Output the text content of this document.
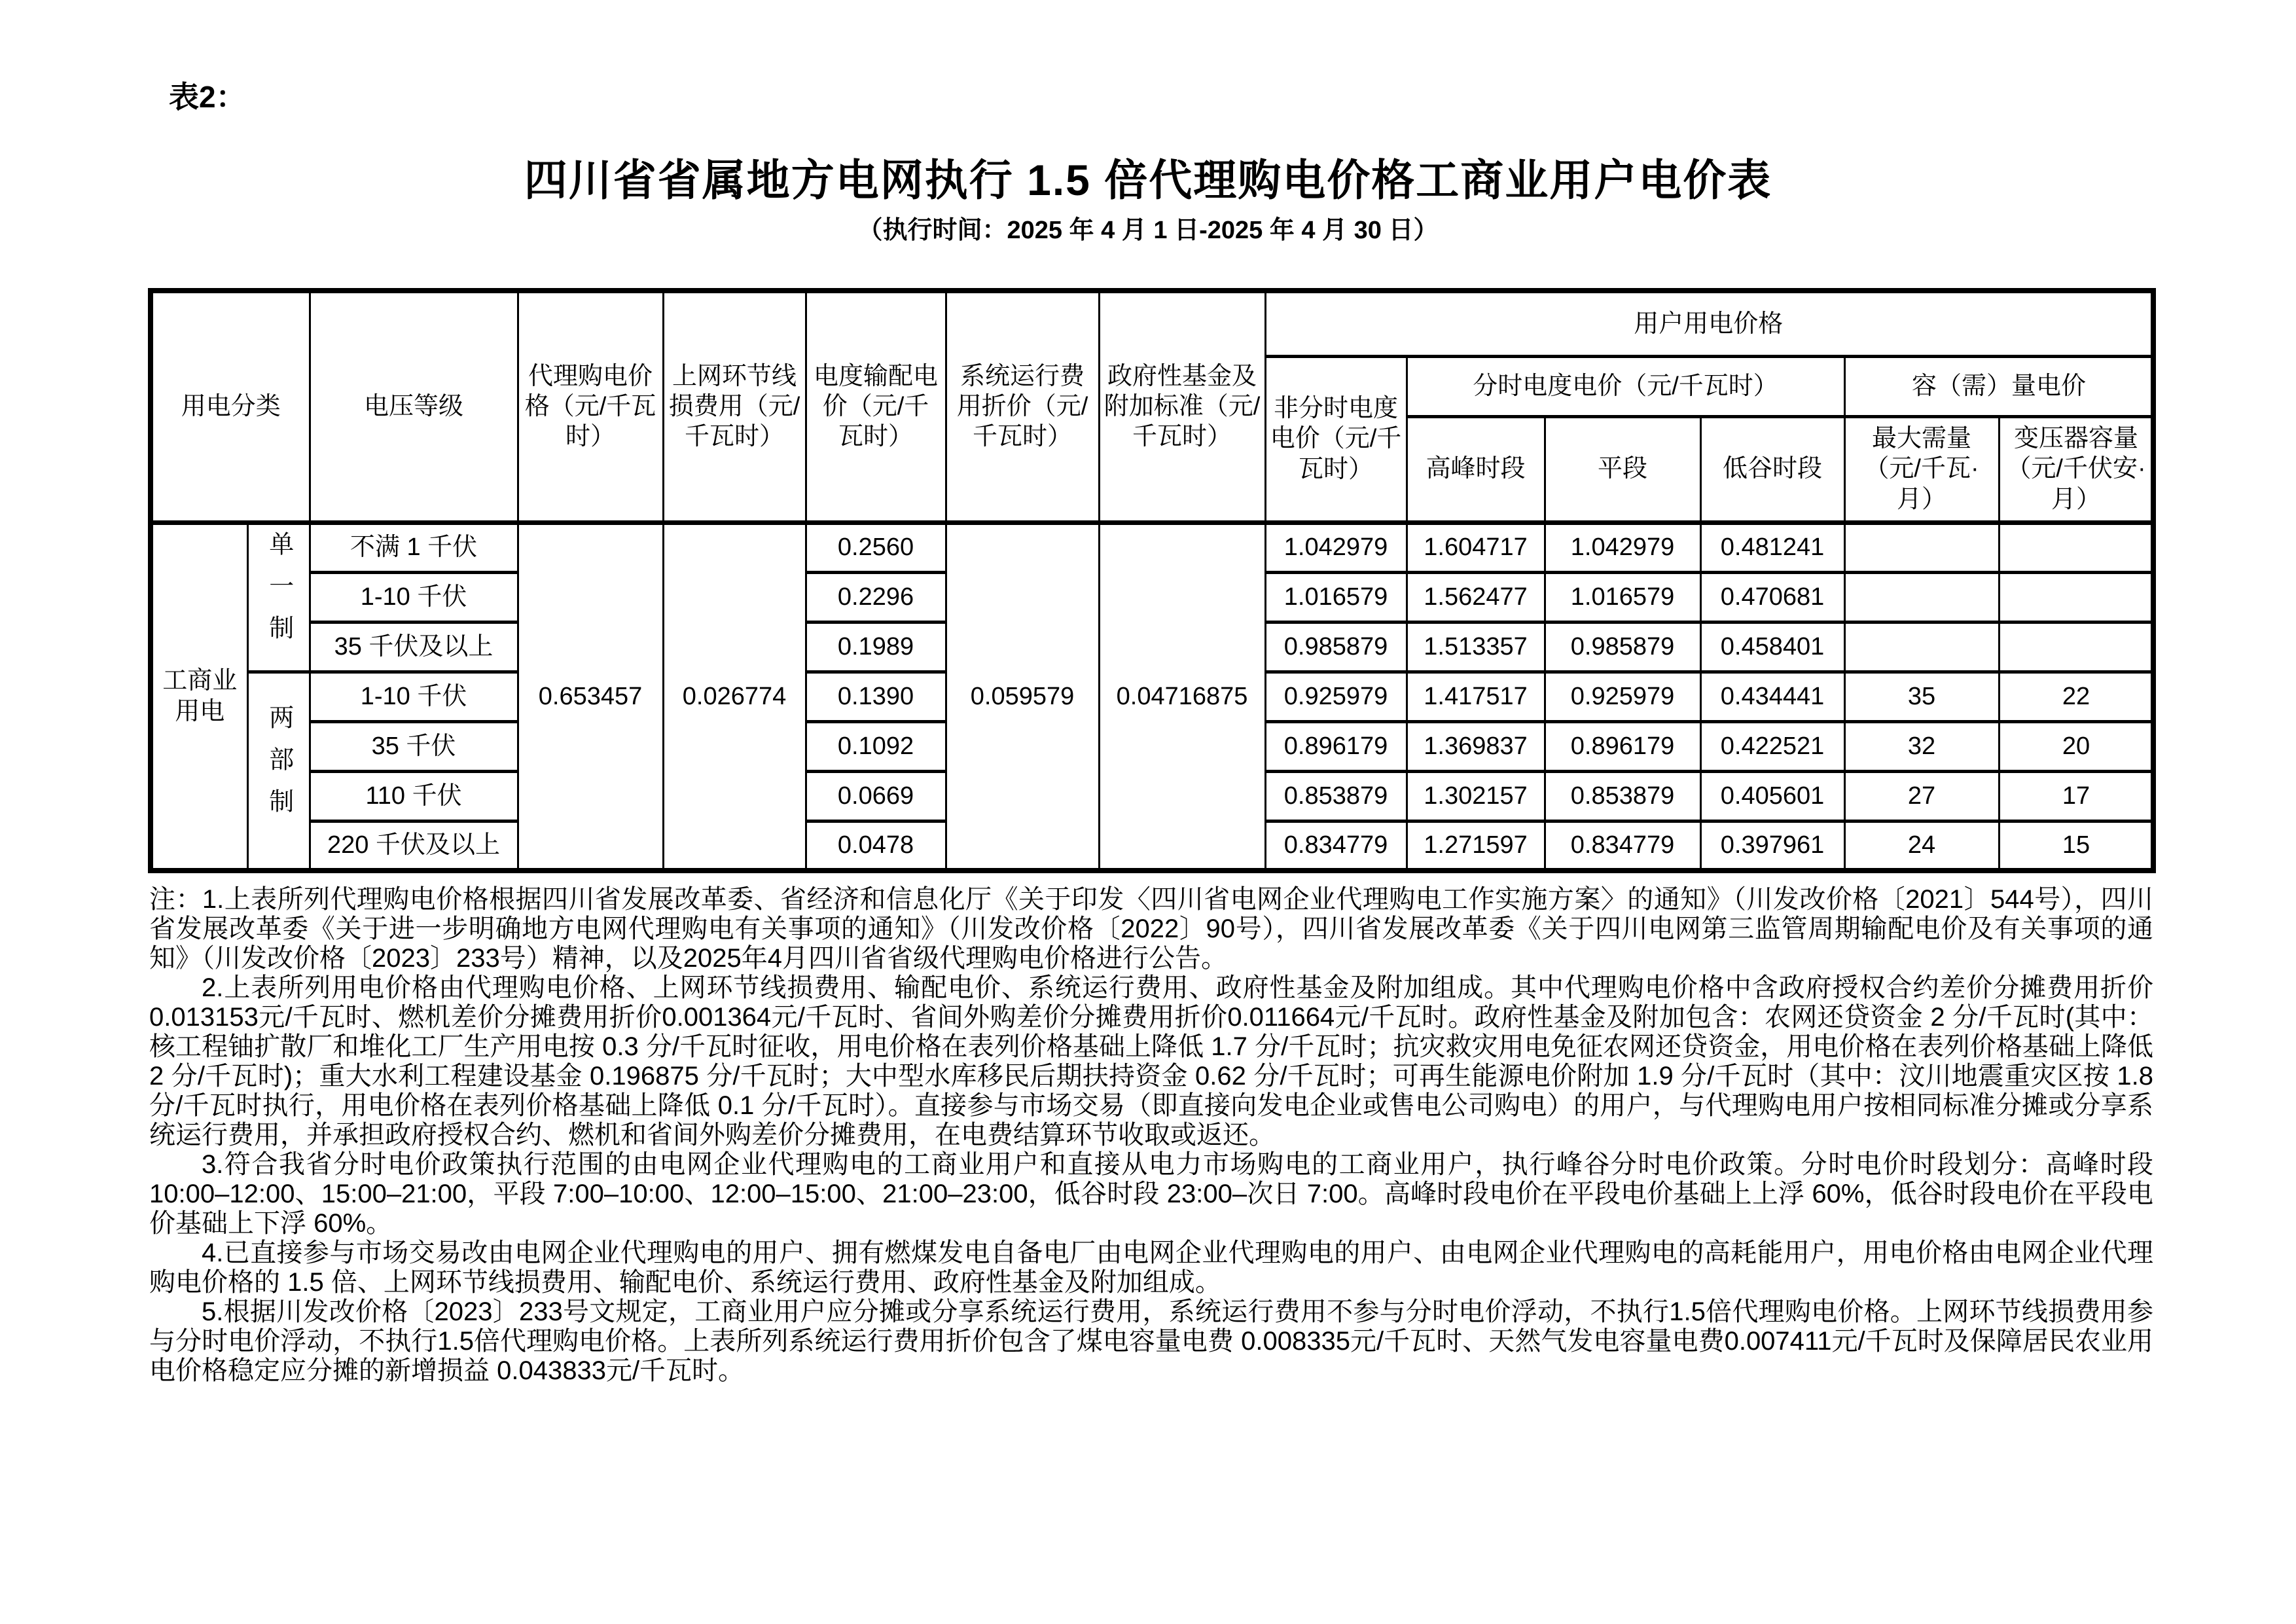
表2：
四川省省属地方电网执行 1.5 倍代理购电价格工商业用户电价表
（执行时间：2025 年 4 月 1 日-2025 年 4 月 30 日）
用电分类		电压等级	代理购电价格（元/千瓦时）	上网环节线损费用（元/千瓦时）	电度输配电价（元/千瓦时）	系统运行费用折价（元/千瓦时）	政府性基金及附加标准（元/千瓦时）	用户用电价格					
								非分时电度电价（元/千瓦时）	分时电度电价（元/千瓦时）			容（需）量电价	
									高峰时段	平段	低谷时段	最大需量（元/千瓦·月）	变压器容量（元/千伏安·月）
工商业用电	单一制	不满 1 千伏	0.653457	0.026774	0.2560	0.059579	0.04716875	1.042979	1.604717	1.042979	0.481241		
		1-10 千伏			0.2296			1.016579	1.562477	1.016579	0.470681		
		35 千伏及以上			0.1989			0.985879	1.513357	0.985879	0.458401		
	两部制	1-10 千伏			0.1390			0.925979	1.417517	0.925979	0.434441	35	22
		35 千伏			0.1092			0.896179	1.369837	0.896179	0.422521	32	20
		110 千伏			0.0669			0.853879	1.302157	0.853879	0.405601	27	17
		220 千伏及以上			0.0478			0.834779	1.271597	0.834779	0.397961	24	15

注：1.上表所列代理购电价格根据四川省发展改革委、省经济和信息化厅《关于印发〈四川省电网企业代理购电工作实施方案〉的通知》（川发改价格〔2021〕544号），四川省发展改革委《关于进一步明确地方电网代理购电有关事项的通知》（川发改价格〔2022〕90号），四川省发展改革委《关于四川电网第三监管周期输配电价及有关事项的通知》（川发改价格〔2023〕233号）精神，以及2025年4月四川省省级代理购电价格进行公告。

2.上表所列用电价格由代理购电价格、上网环节线损费用、输配电价、系统运行费用、政府性基金及附加组成。其中代理购电价格中含政府授权合约差价分摊费用折价0.013153元/千瓦时、燃机差价分摊费用折价0.001364元/千瓦时、省间外购差价分摊费用折价0.011664元/千瓦时。政府性基金及附加包含：农网还贷资金 2 分/千瓦时(其中：核工程铀扩散厂和堆化工厂生产用电按 0.3 分/千瓦时征收，用电价格在表列价格基础上降低 1.7 分/千瓦时；抗灾救灾用电免征农网还贷资金，用电价格在表列价格基础上降低 2 分/千瓦时)；重大水利工程建设基金 0.196875 分/千瓦时；大中型水库移民后期扶持资金 0.62 分/千瓦时；可再生能源电价附加 1.9 分/千瓦时（其中：汶川地震重灾区按 1.8 分/千瓦时执行，用电价格在表列价格基础上降低 0.1 分/千瓦时）。直接参与市场交易（即直接向发电企业或售电公司购电）的用户，与代理购电用户按相同标准分摊或分享系统运行费用，并承担政府授权合约、燃机和省间外购差价分摊费用，在电费结算环节收取或返还。

3.符合我省分时电价政策执行范围的由电网企业代理购电的工商业用户和直接从电力市场购电的工商业用户，执行峰谷分时电价政策。分时电价时段划分：高峰时段 10:00–12:00、15:00–21:00，平段 7:00–10:00、12:00–15:00、21:00–23:00，低谷时段 23:00–次日 7:00。高峰时段电价在平段电价基础上上浮 60%，低谷时段电价在平段电价基础上下浮 60%。

4.已直接参与市场交易改由电网企业代理购电的用户、拥有燃煤发电自备电厂由电网企业代理购电的用户、由电网企业代理购电的高耗能用户，用电价格由电网企业代理购电价格的 1.5 倍、上网环节线损费用、输配电价、系统运行费用、政府性基金及附加组成。

5.根据川发改价格〔2023〕233号文规定，工商业用户应分摊或分享系统运行费用，系统运行费用不参与分时电价浮动，不执行1.5倍代理购电价格。上网环节线损费用参与分时电价浮动，不执行1.5倍代理购电价格。上表所列系统运行费用折价包含了煤电容量电费 0.008335元/千瓦时、天然气发电容量电费0.007411元/千瓦时及保障居民农业用电价格稳定应分摊的新增损益 0.043833元/千瓦时。
